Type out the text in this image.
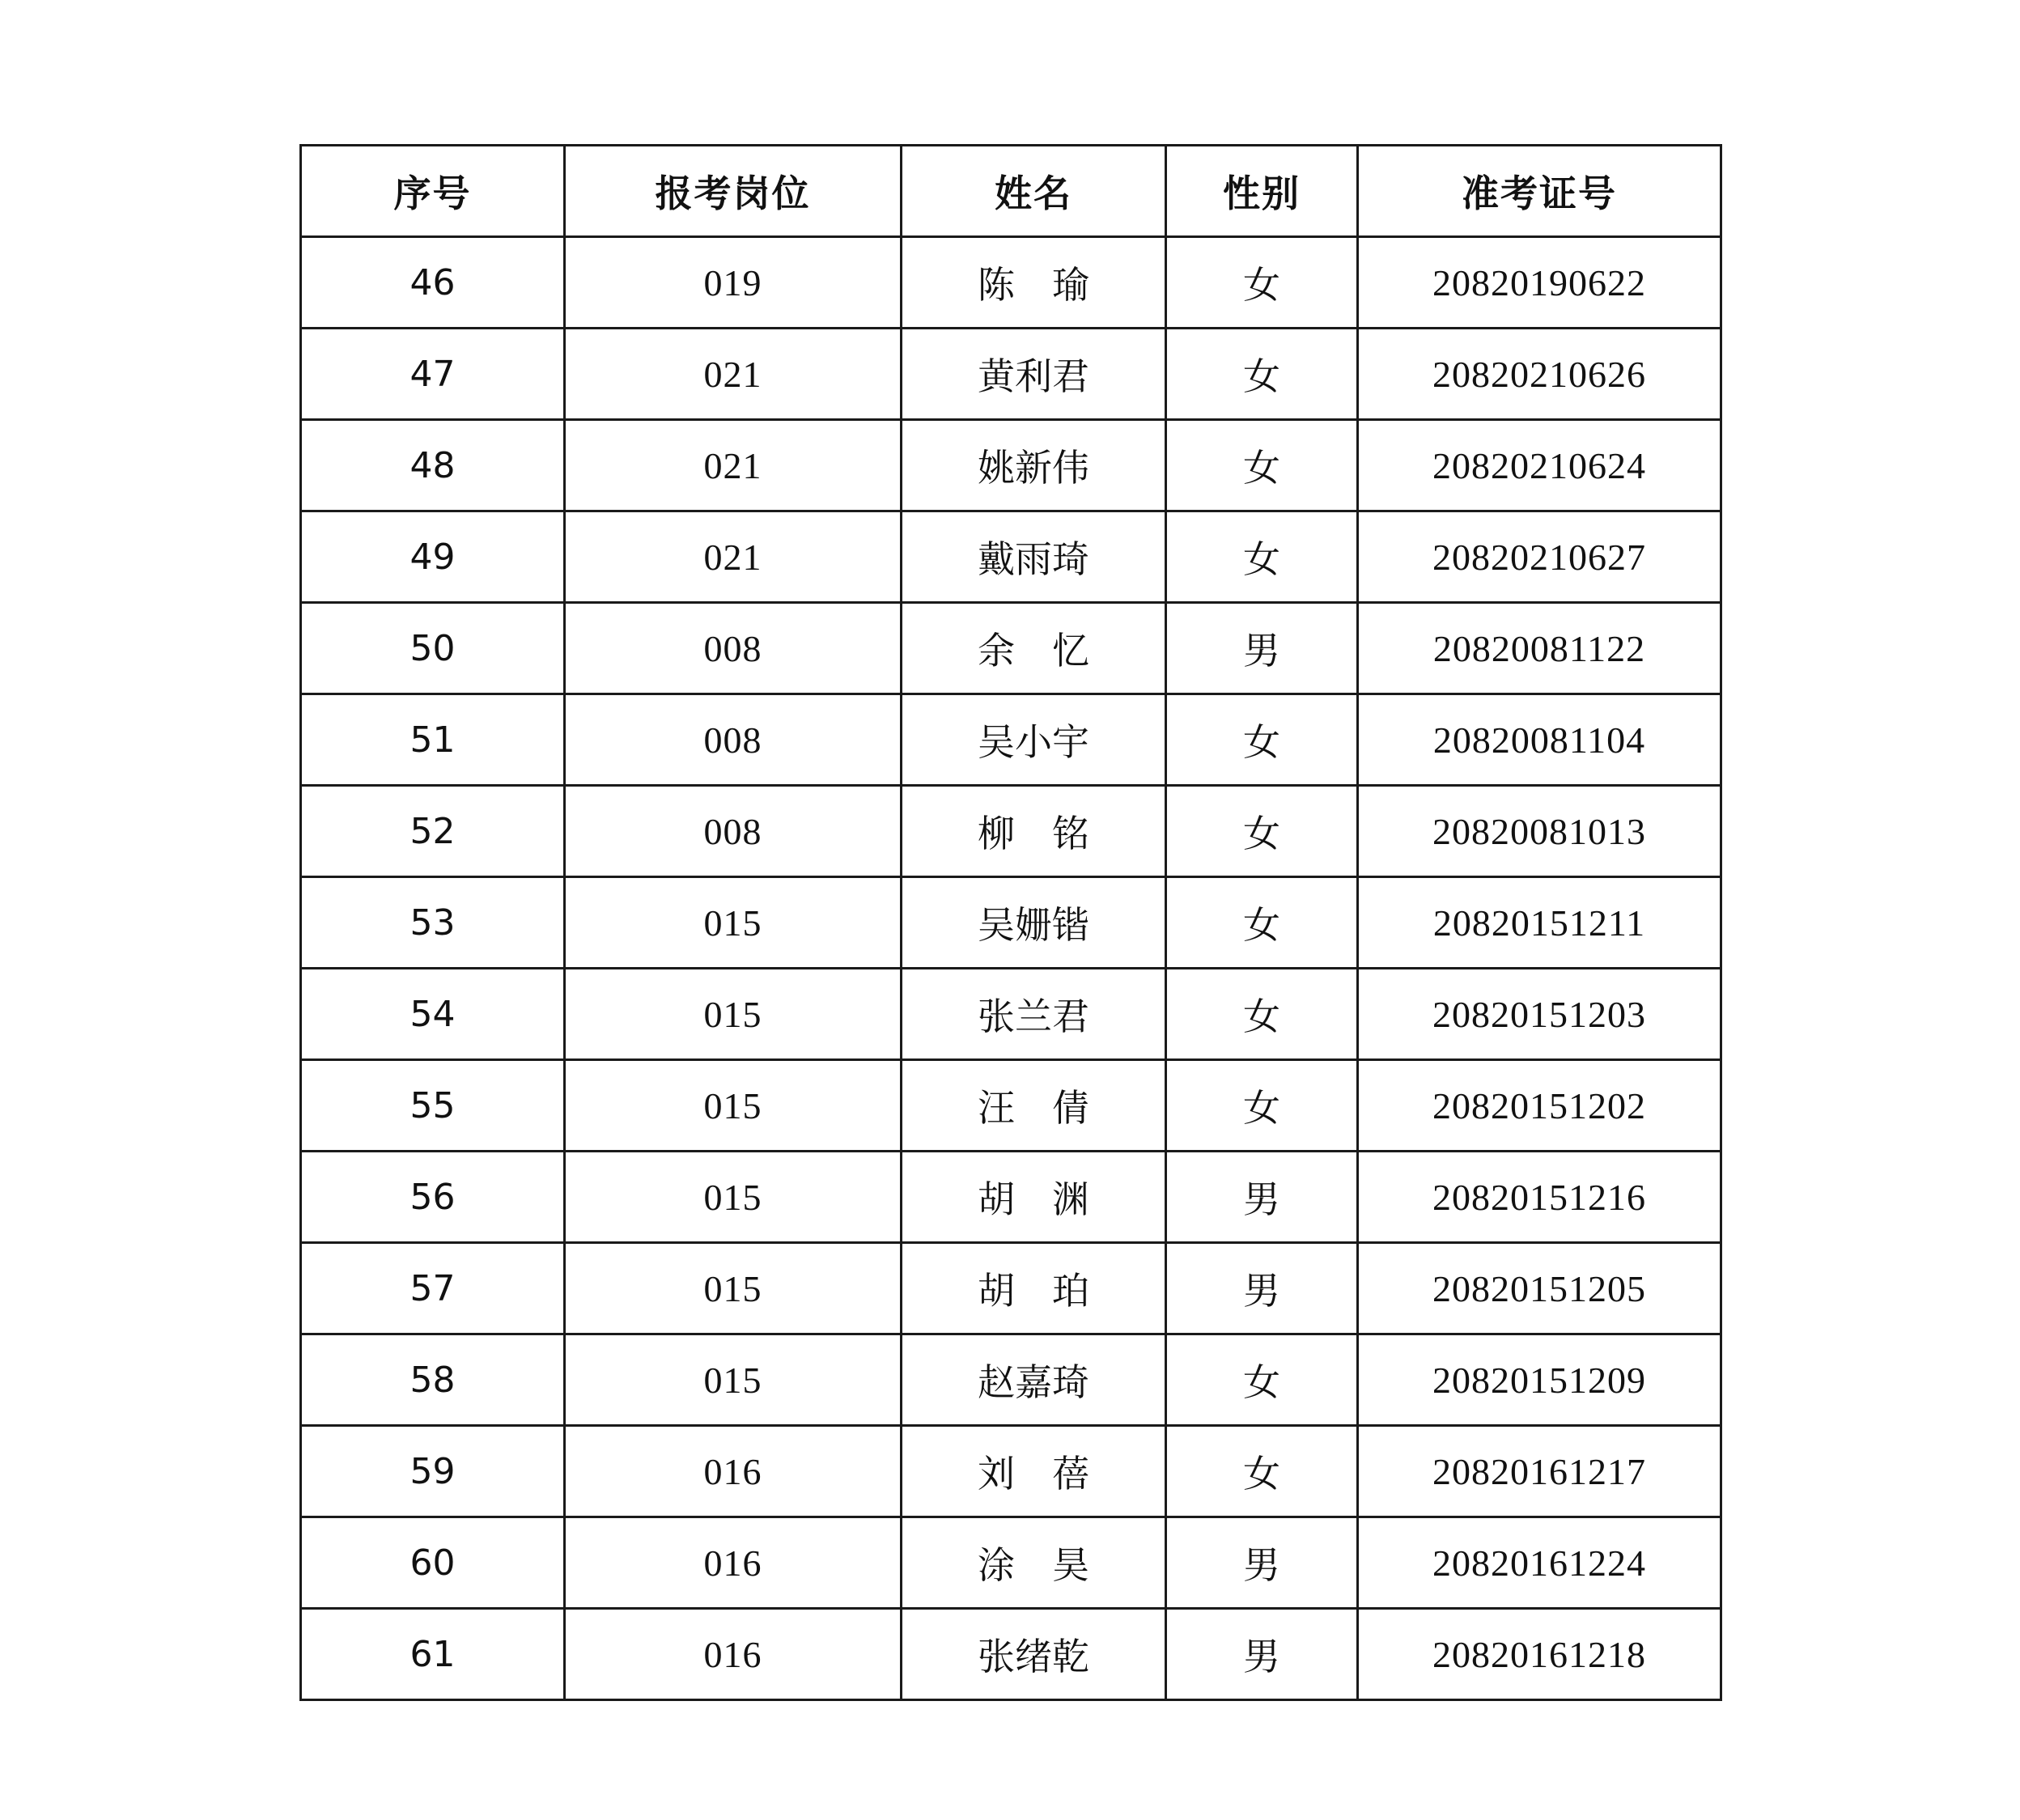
序号	报考岗位	姓名	性别	准考证号
46	019	陈　瑜	女	20820190622
47	021	黄利君	女	20820210626
48	021	姚新伟	女	20820210624
49	021	戴雨琦	女	20820210627
50	008	余　忆	男	20820081122
51	008	吴小宇	女	20820081104
52	008	柳　铭	女	20820081013
53	015	吴姗锴	女	20820151211
54	015	张兰君	女	20820151203
55	015	汪　倩	女	20820151202
56	015	胡　渊	男	20820151216
57	015	胡　珀	男	20820151205
58	015	赵嘉琦	女	20820151209
59	016	刘　蓓	女	20820161217
60	016	涂　昊	男	20820161224
61	016	张绪乾	男	20820161218
